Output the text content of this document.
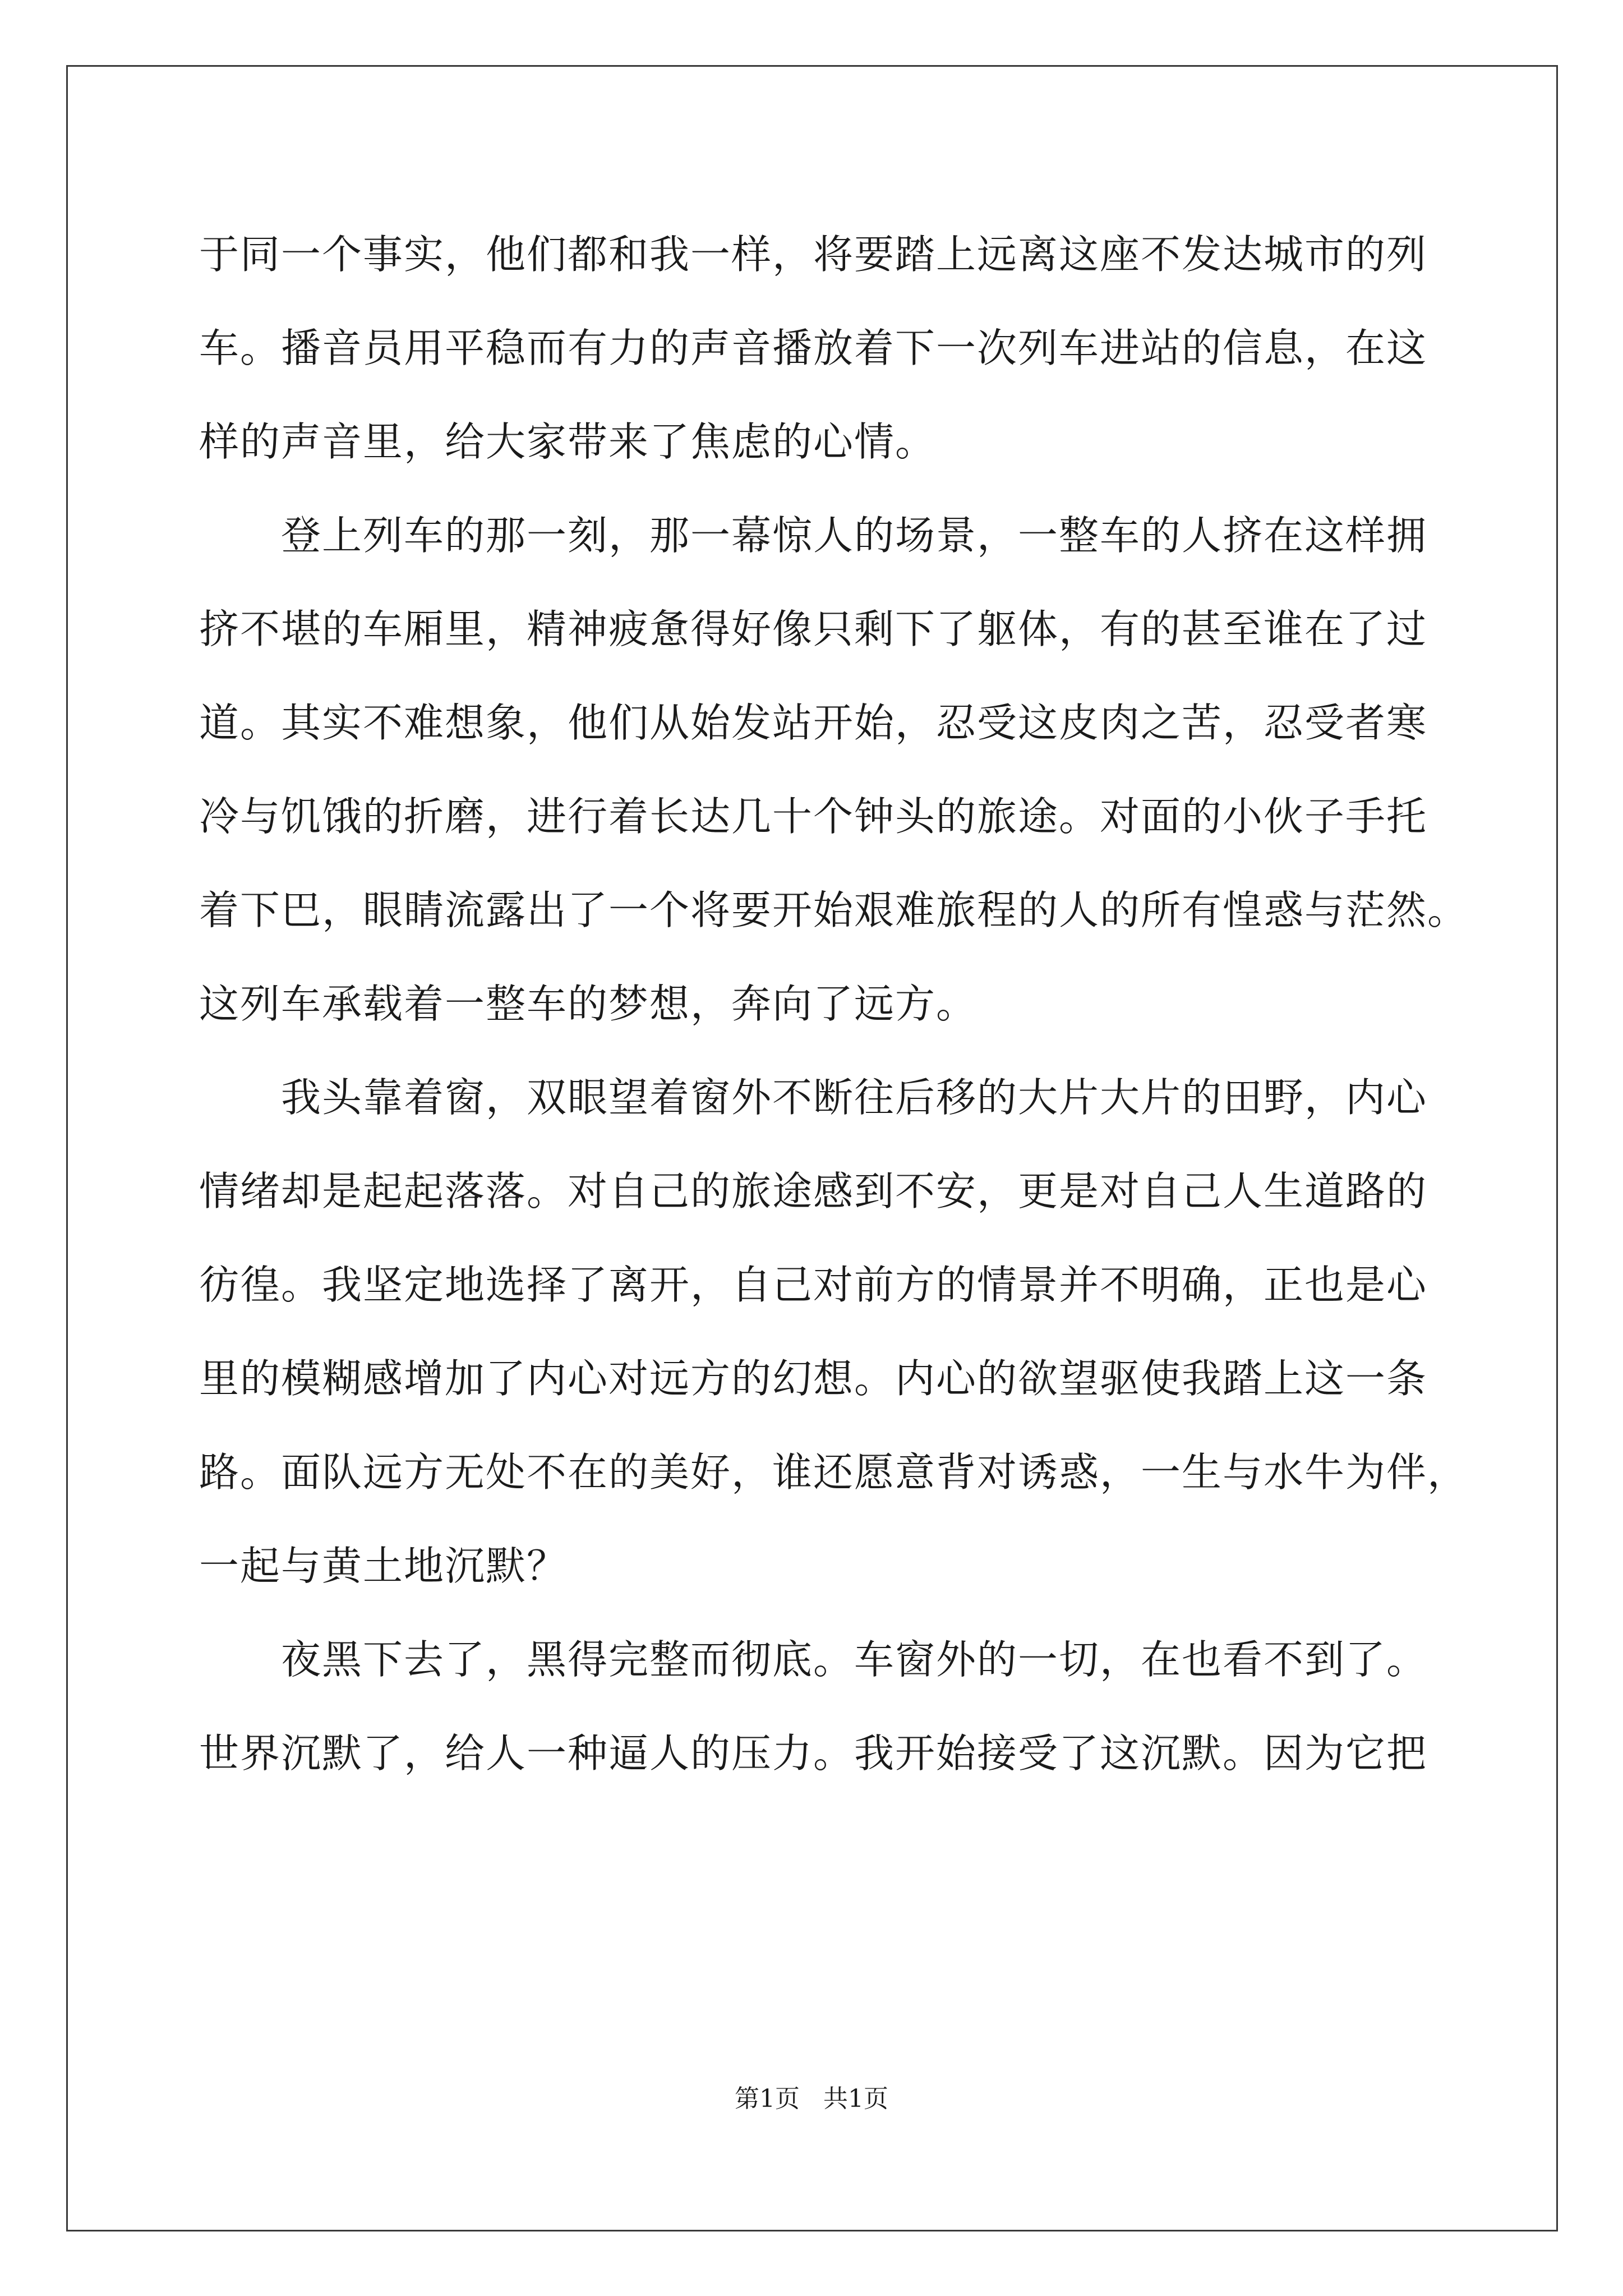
于同一个事实，他们都和我一样，将要踏上远离这座不发达城市的列
车。播音员用平稳而有力的声音播放着下一次列车进站的信息，在这
样的声音里，给大家带来了焦虑的心情。
登上列车的那一刻，那一幕惊人的场景，一整车的人挤在这样拥
挤不堪的车厢里，精神疲惫得好像只剩下了躯体，有的甚至谁在了过
道。其实不难想象，他们从始发站开始，忍受这皮肉之苦，忍受者寒
冷与饥饿的折磨，进行着长达几十个钟头的旅途。对面的小伙子手托
着下巴，眼睛流露出了一个将要开始艰难旅程的人的所有惶惑与茫然。
这列车承载着一整车的梦想，奔向了远方。
我头靠着窗，双眼望着窗外不断往后移的大片大片的田野，内心
情绪却是起起落落。对自己的旅途感到不安，更是对自己人生道路的
彷徨。我坚定地选择了离开，自己对前方的情景并不明确，正也是心
里的模糊感增加了内心对远方的幻想。内心的欲望驱使我踏上这一条
路。面队远方无处不在的美好，谁还愿意背对诱惑，一生与水牛为伴，
一起与黄土地沉默？
夜黑下去了，黑得完整而彻底。车窗外的一切，在也看不到了。
世界沉默了，给人一种逼人的压力。我开始接受了这沉默。因为它把
第1页 共1页
